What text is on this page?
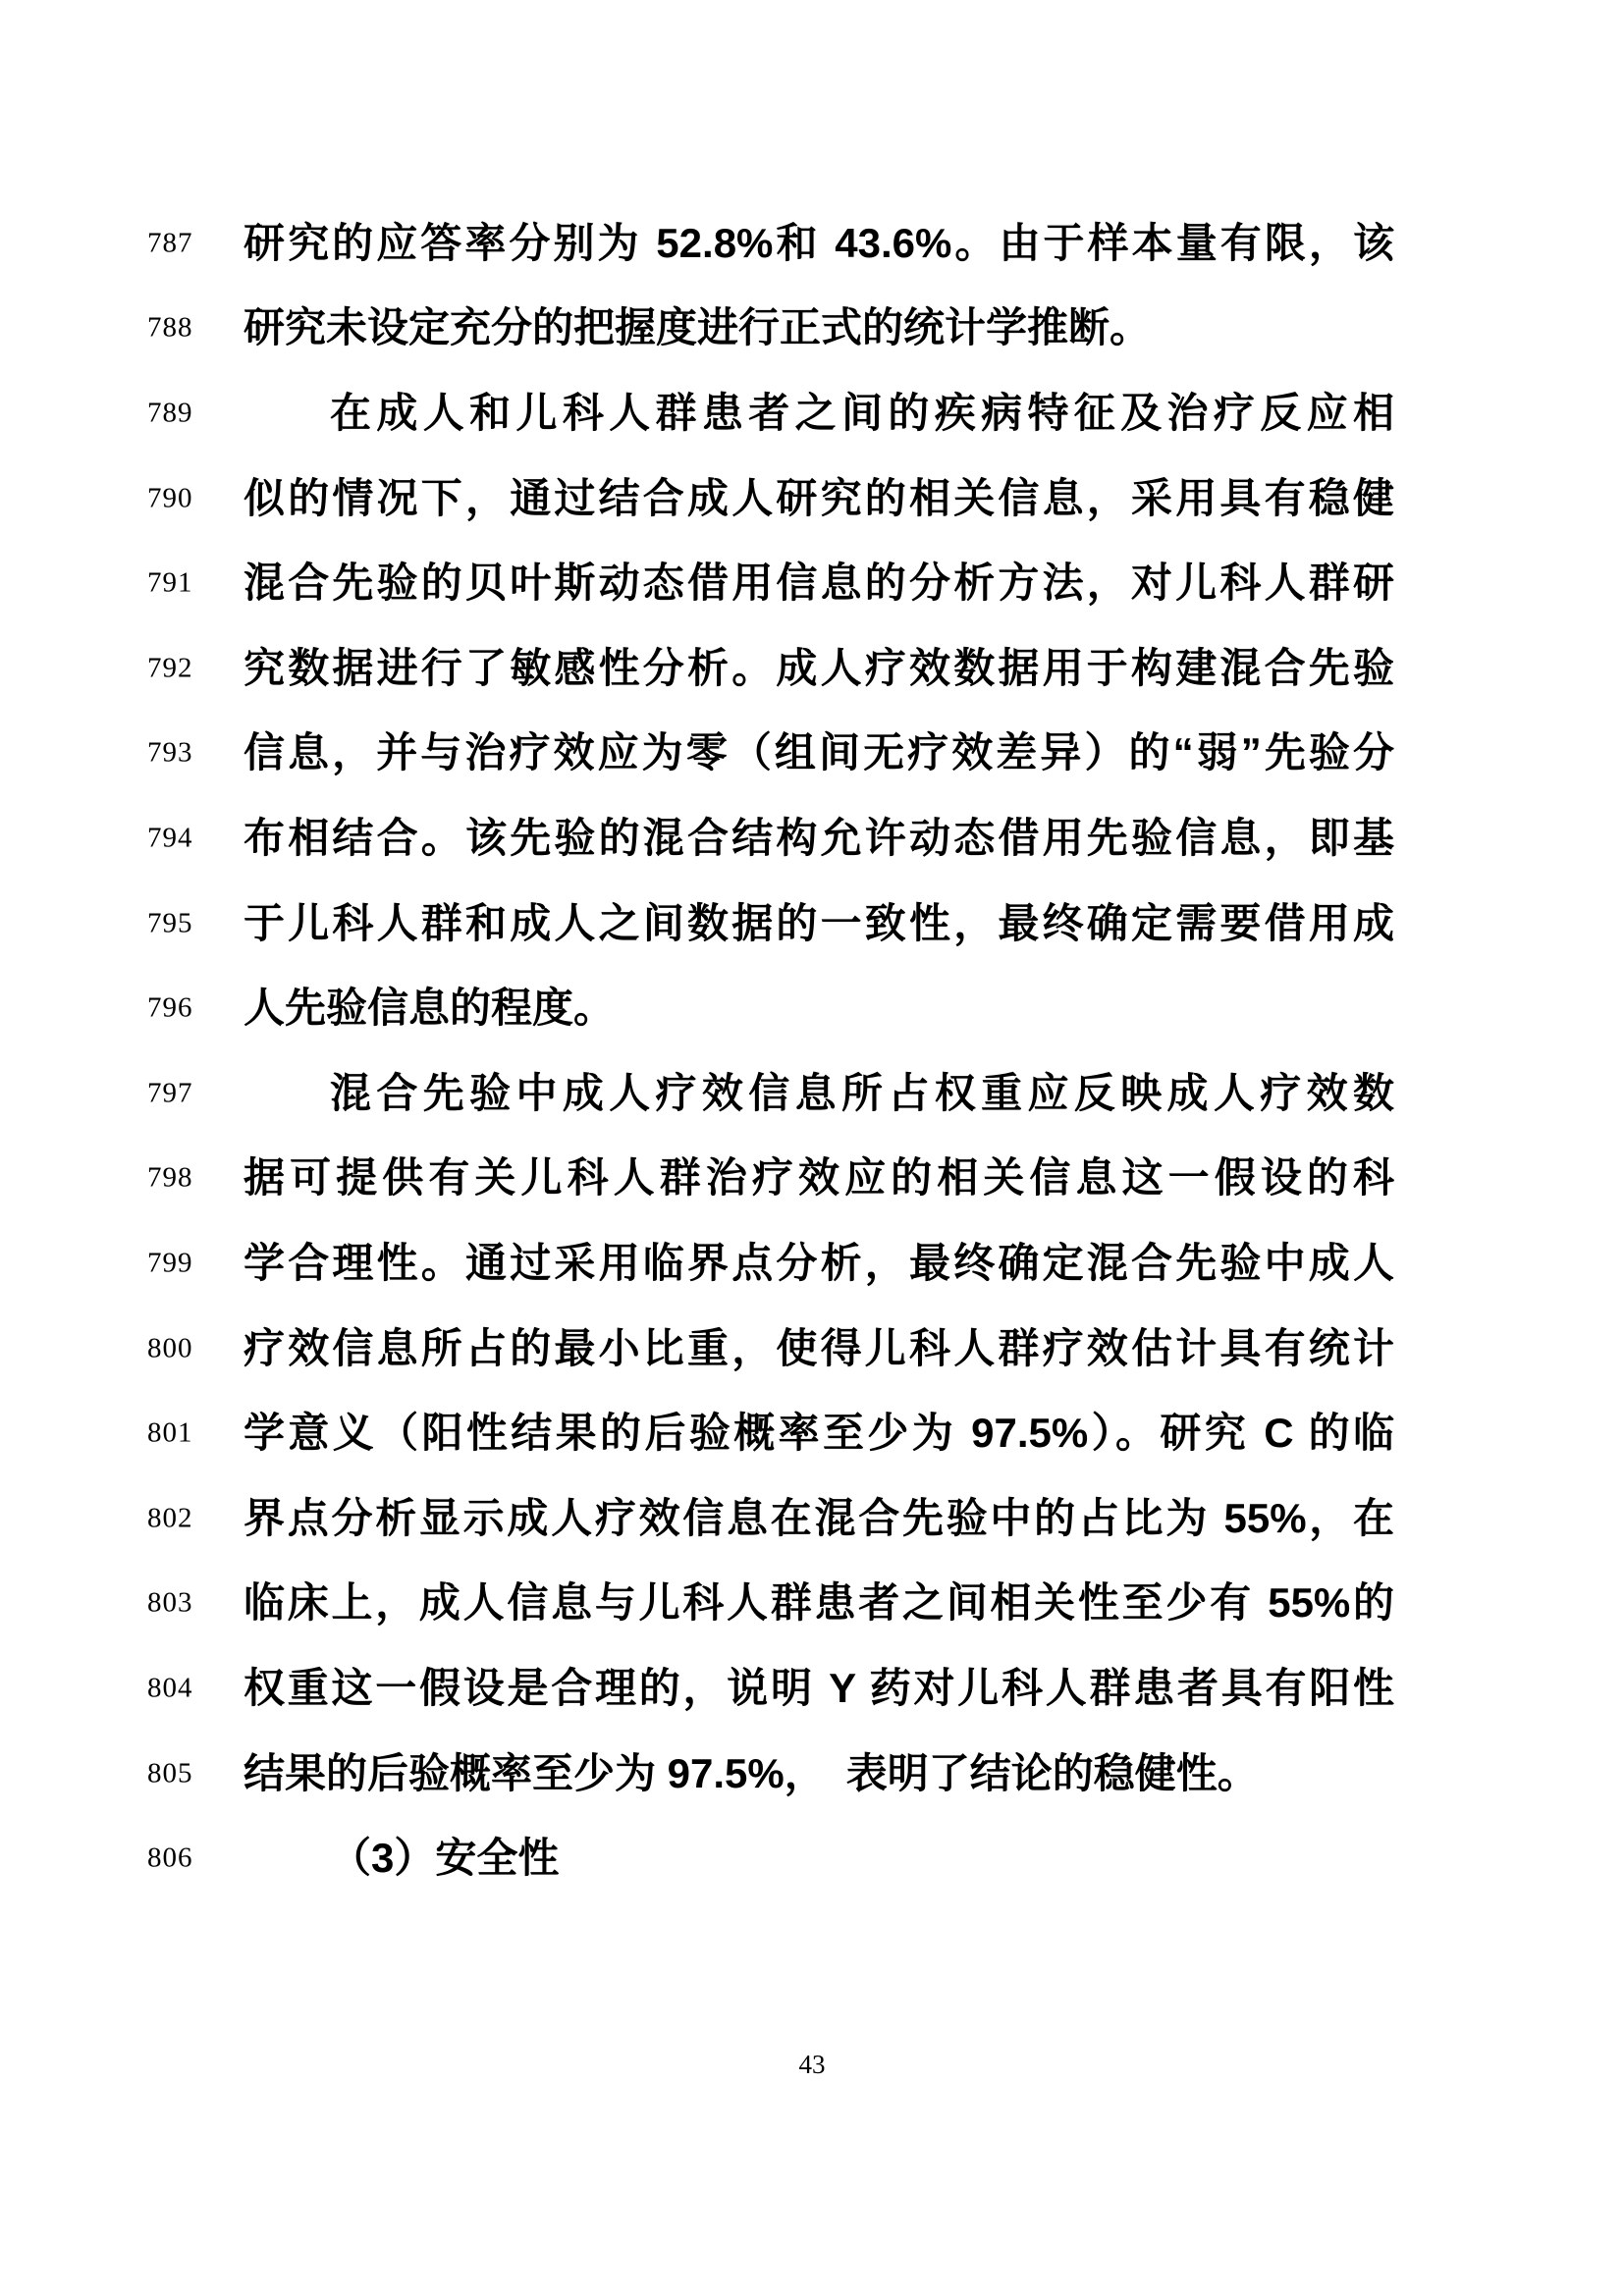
787	研究的应答率分别为 52.8%和 43.6%。由于样本量有限，该
788	研究未设定充分的把握度进行正式的统计学推断。
789	在成人和儿科人群患者之间的疾病特征及治疗反应相
790	似的情况下，通过结合成人研究的相关信息，采用具有稳健
791	混合先验的贝叶斯动态借用信息的分析方法，对儿科人群研
792	究数据进行了敏感性分析。成人疗效数据用于构建混合先验
793	信息，并与治疗效应为零（组间无疗效差异）的“弱”先验分
794	布相结合。该先验的混合结构允许动态借用先验信息，即基
795	于儿科人群和成人之间数据的一致性，最终确定需要借用成
796	人先验信息的程度。
797	混合先验中成人疗效信息所占权重应反映成人疗效数
798	据可提供有关儿科人群治疗效应的相关信息这一假设的科
799	学合理性。通过采用临界点分析，最终确定混合先验中成人
800	疗效信息所占的最小比重，使得儿科人群疗效估计具有统计
801	学意义（阳性结果的后验概率至少为 97.5%）。研究 C 的临
802	界点分析显示成人疗效信息在混合先验中的占比为 55%，在
803	临床上，成人信息与儿科人群患者之间相关性至少有 55%的
804	权重这一假设是合理的，说明 Y 药对儿科人群患者具有阳性
805	结果的后验概率至少为 97.5%，　表明了结论的稳健性。
806	（3）安全性
43
